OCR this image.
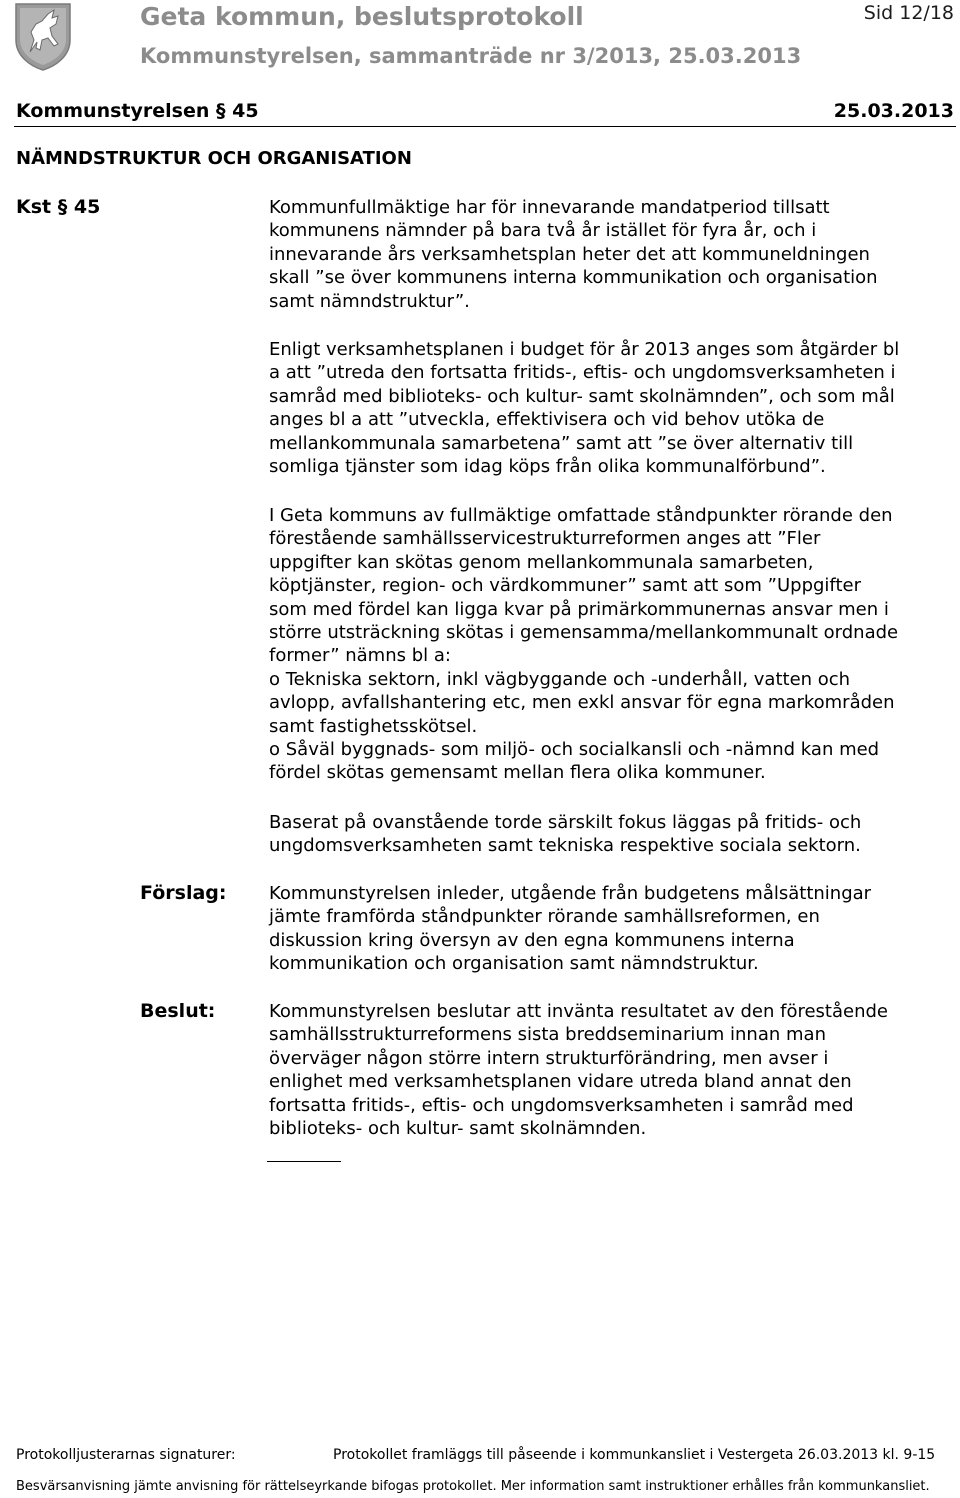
Geta kommun, beslutsprotokoll	Sid 12/18
Kommunstyrelsen, sammanträde nr 3/2013, 25.03.2013
Kommunstyrelsen § 45	25.03.2013
NÄMNDSTRUKTUR OCH ORGANISATION
Kst § 45	Kommunfullmäktige har för innevarande mandatperiod tillsatt
kommunens nämnder på bara två år istället för fyra år, och i
innevarande års verksamhetsplan heter det att kommuneldningen
skall ”se över kommunens interna kommunikation och organisation
samt nämndstruktur”.
Enligt verksamhetsplanen i budget för år 2013 anges som åtgärder bl
a att ”utreda den fortsatta fritids-, eftis- och ungdomsverksamheten i
samråd med biblioteks- och kultur- samt skolnämnden”, och som mål
anges bl a att ”utveckla, effektivisera och vid behov utöka de
mellankommunala samarbetena” samt att ”se över alternativ till
somliga tjänster som idag köps från olika kommunalförbund”.
I Geta kommuns av fullmäktige omfattade ståndpunkter rörande den
förestående samhällsservicestrukturreformen anges att ”Fler
uppgifter kan skötas genom mellankommunala samarbeten,
köptjänster, region- och värdkommuner” samt att som ”Uppgifter
som med fördel kan ligga kvar på primärkommunernas ansvar men i
större utsträckning skötas i gemensamma/mellankommunalt ordnade
former” nämns bl a:
o Tekniska sektorn, inkl vägbyggande och -underhåll, vatten och
avlopp, avfallshantering etc, men exkl ansvar för egna markområden
samt fastighetsskötsel.
o Såväl byggnads- som miljö- och socialkansli och -nämnd kan med
fördel skötas gemensamt mellan flera olika kommuner.
Baserat på ovanstående torde särskilt fokus läggas på fritids- och
ungdomsverksamheten samt tekniska respektive sociala sektorn.
Förslag: Kommunstyrelsen inleder, utgående från budgetens målsättningar
jämte framförda ståndpunkter rörande samhällsreformen, en
diskussion kring översyn av den egna kommunens interna
kommunikation och organisation samt nämndstruktur.
Beslut:	Kommunstyrelsen beslutar att invänta resultatet av den förestående
samhällsstrukturreformens sista breddseminarium innan man
överväger någon större intern strukturförändring, men avser i
enlighet med verksamhetsplanen vidare utreda bland annat den
fortsatta fritids-, eftis- och ungdomsverksamheten i samråd med
biblioteks- och kultur- samt skolnämnden.
Protokolljusterarnas signaturer:	Protokollet framläggs till påseende i kommunkansliet i Vestergeta 26.03.2013 kl. 9-15
Besvärsanvisning jämte anvisning för rättelseyrkande bifogas protokollet. Mer information samt instruktioner erhålles från kommunkansliet.
